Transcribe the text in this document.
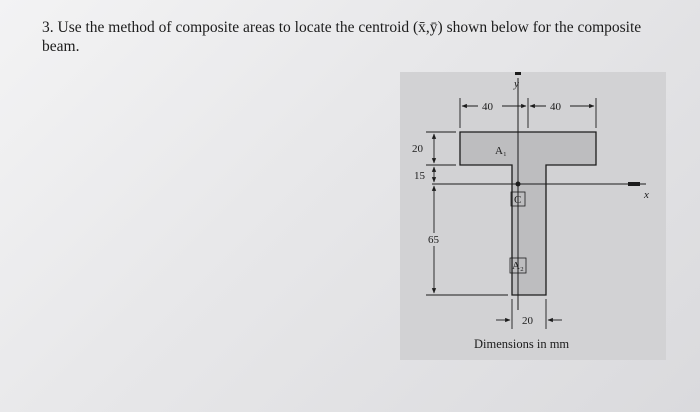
3. Use the method of composite areas to locate the centroid (x̄,ȳ) shown below for the composite beam.

y
x
C
A₁
A₂
40	40
20
15
65
20
Dimensions in mm
